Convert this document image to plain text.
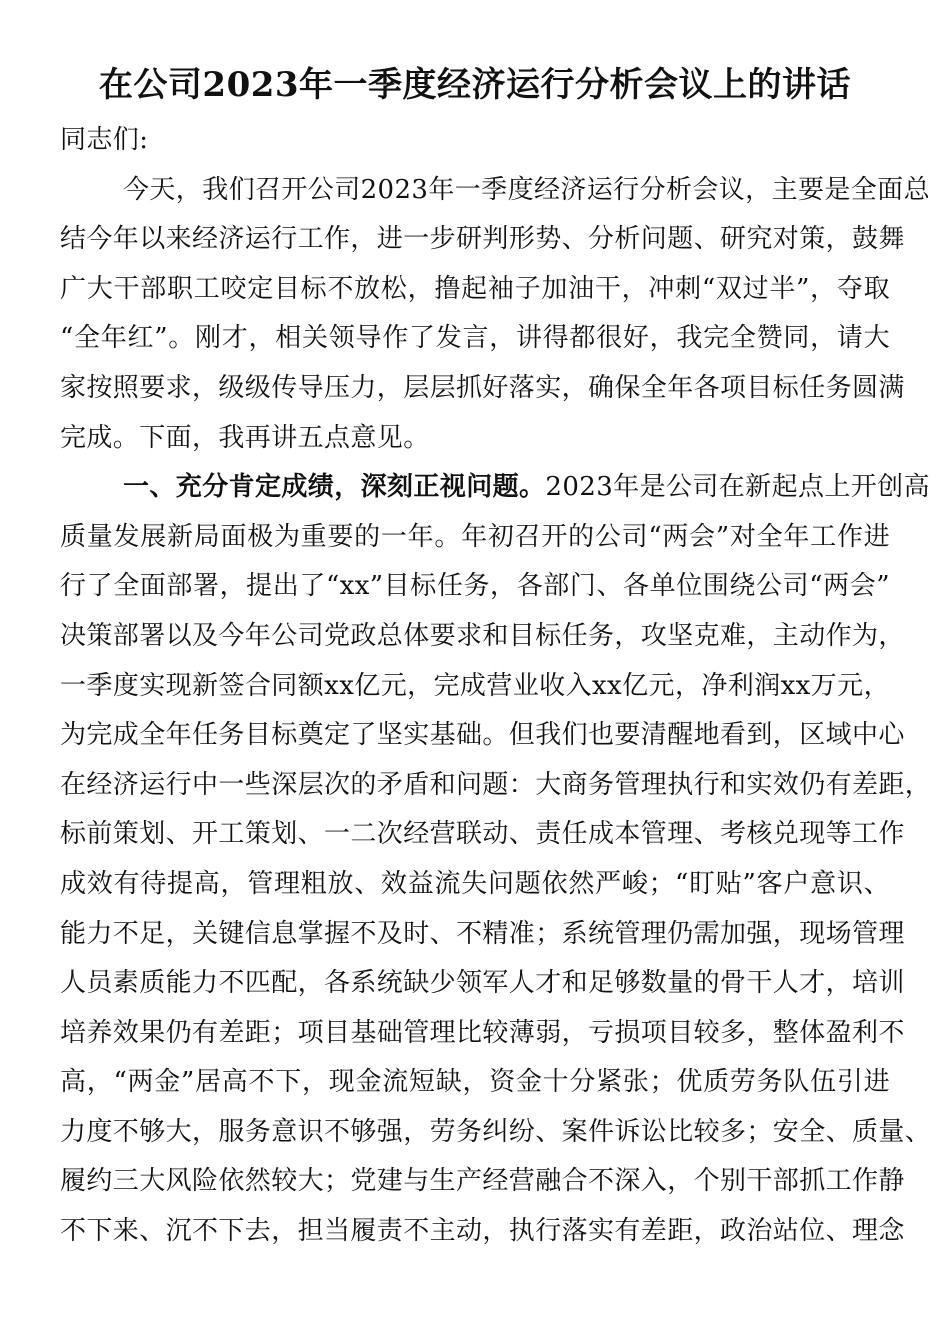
在公司2023年一季度经济运行分析会议上的讲话
同志们:
今天，我们召开公司2023年一季度经济运行分析会议，主要是全面总
结今年以来经济运行工作，进一步研判形势、分析问题、研究对策，鼓舞
广大干部职工咬定目标不放松，撸起袖子加油干，冲刺“双过半”，夺取
“全年红”。刚才，相关领导作了发言，讲得都很好，我完全赞同，请大
家按照要求，级级传导压力，层层抓好落实，确保全年各项目标任务圆满
完成。下面，我再讲五点意见。
一、充分肯定成绩，深刻正视问题。2023年是公司在新起点上开创高
质量发展新局面极为重要的一年。年初召开的公司“两会”对全年工作进
行了全面部署，提出了“xx”目标任务，各部门、各单位围绕公司“两会”
决策部署以及今年公司党政总体要求和目标任务，攻坚克难，主动作为，
一季度实现新签合同额xx亿元，完成营业收入xx亿元，净利润xx万元，
为完成全年任务目标奠定了坚实基础。但我们也要清醒地看到，区域中心
在经济运行中一些深层次的矛盾和问题：大商务管理执行和实效仍有差距，
标前策划、开工策划、一二次经营联动、责任成本管理、考核兑现等工作
成效有待提高，管理粗放、效益流失问题依然严峻；“盯贴”客户意识、
能力不足，关键信息掌握不及时、不精准；系统管理仍需加强，现场管理
人员素质能力不匹配，各系统缺少领军人才和足够数量的骨干人才，培训
培养效果仍有差距；项目基础管理比较薄弱，亏损项目较多，整体盈利不
高，“两金”居高不下，现金流短缺，资金十分紧张；优质劳务队伍引进
力度不够大，服务意识不够强，劳务纠纷、案件诉讼比较多；安全、质量、
履约三大风险依然较大；党建与生产经营融合不深入，个别干部抓工作静
不下来、沉不下去，担当履责不主动，执行落实有差距，政治站位、理念
